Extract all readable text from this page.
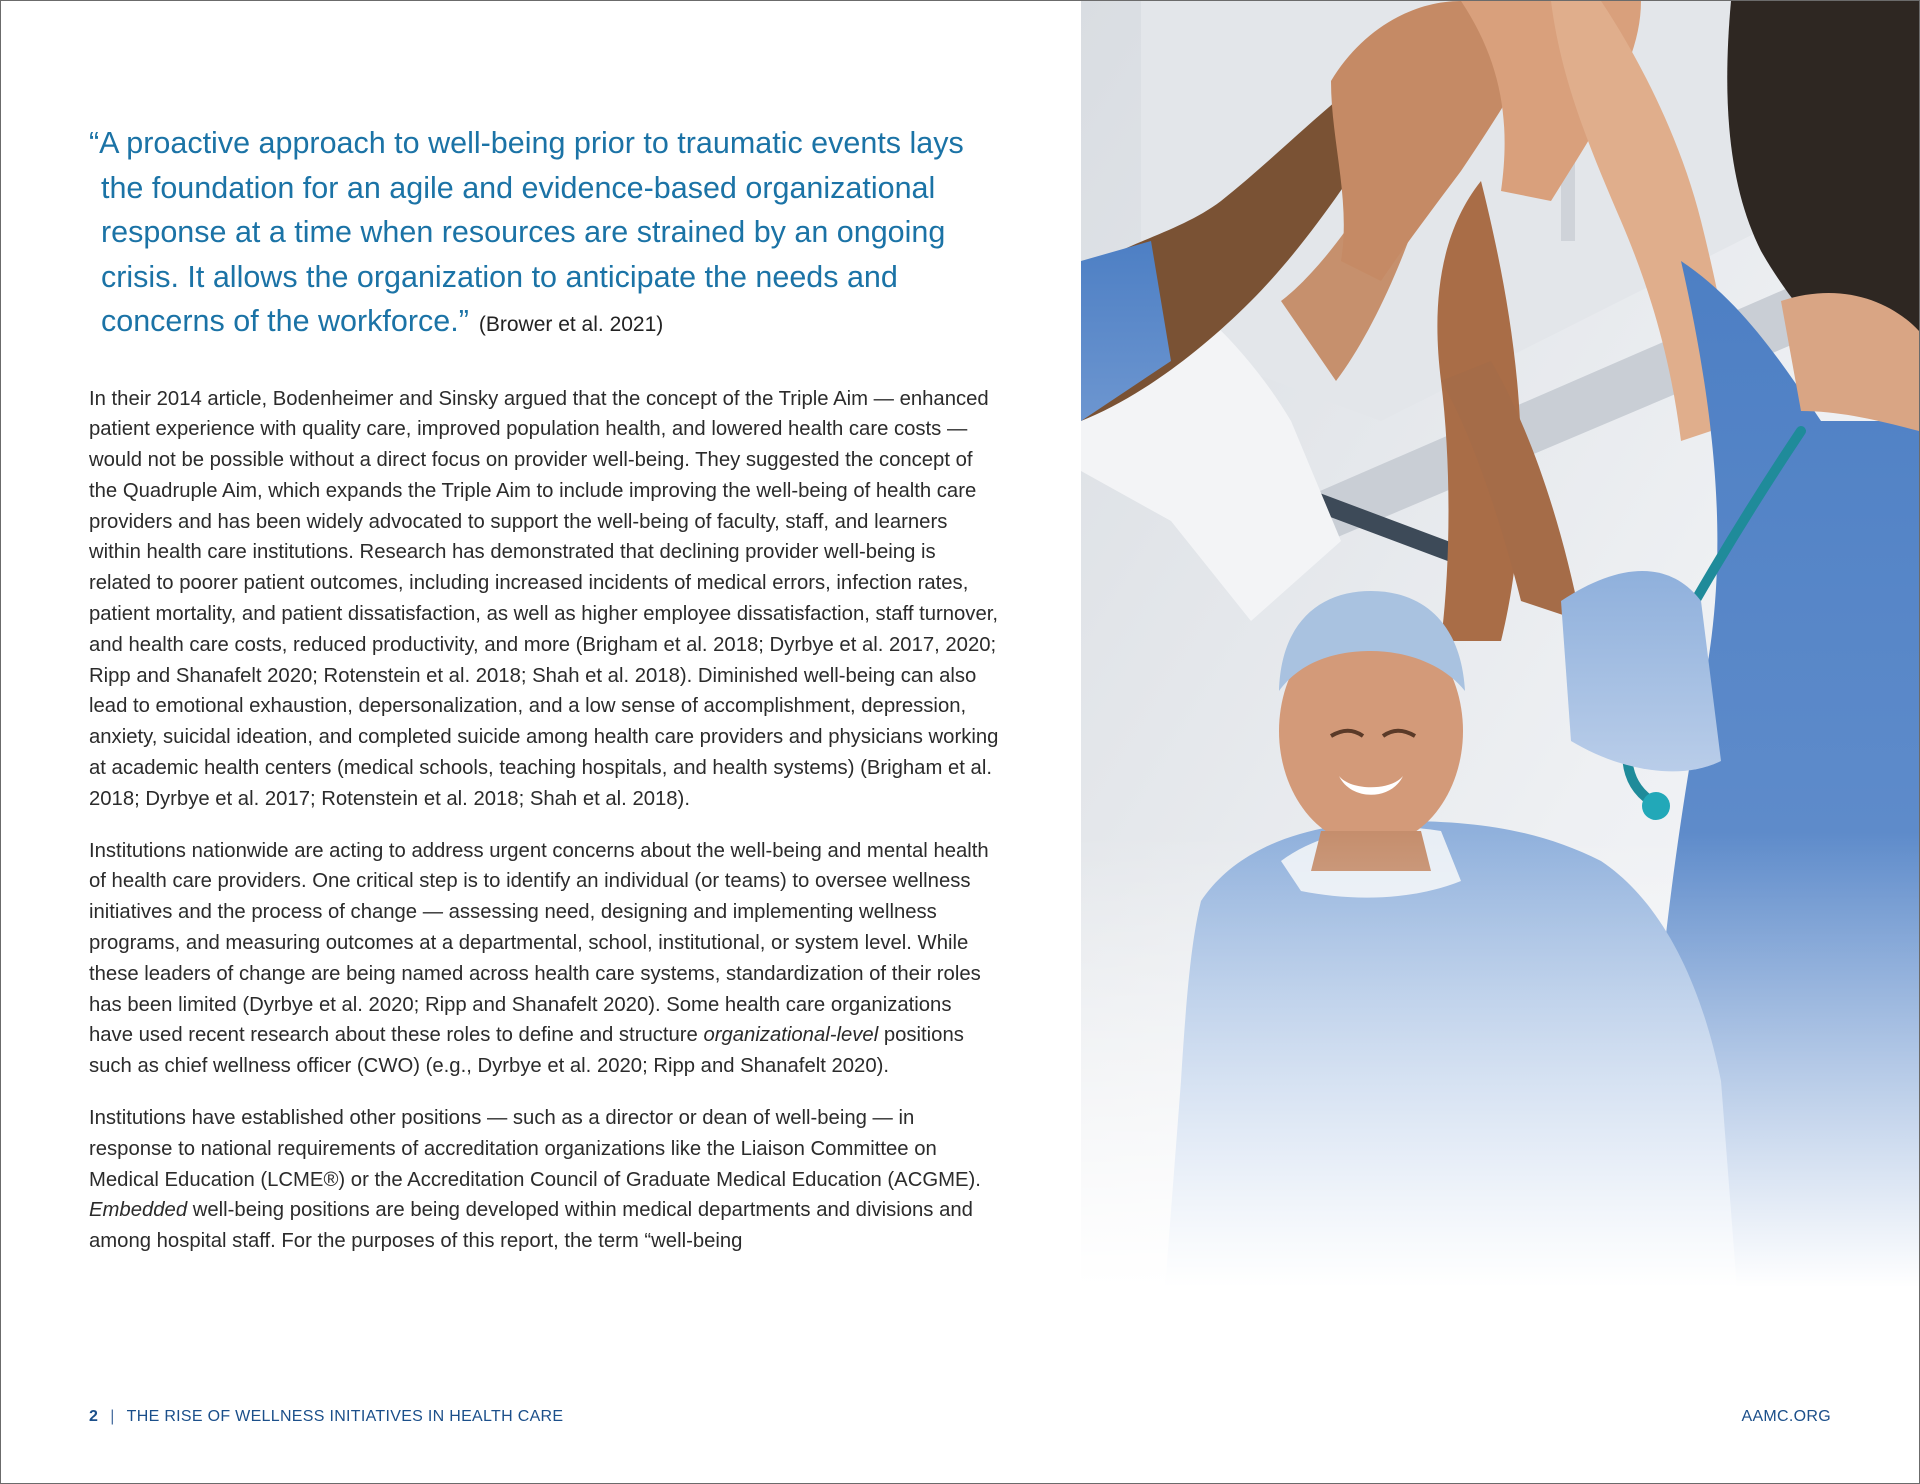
“A proactive approach to well-being prior to traumatic events lays the foundation for an agile and evidence-based organizational response at a time when resources are strained by an ongoing crisis. It allows the organization to anticipate the needs and concerns of the workforce.” (Brower et al. 2021)

In their 2014 article, Bodenheimer and Sinsky argued that the concept of the Triple Aim — enhanced patient experience with quality care, improved population health, and lowered health care costs — would not be possible without a direct focus on provider well-being. They suggested the concept of the Quadruple Aim, which expands the Triple Aim to include improving the well-being of health care providers and has been widely advocated to support the well-being of faculty, staff, and learners within health care institutions. Research has demonstrated that declining provider well-being is related to poorer patient outcomes, including increased incidents of medical errors, infection rates, patient mortality, and patient dissatisfaction, as well as higher employee dissatisfaction, staff turnover, and health care costs, reduced productivity, and more (Brigham et al. 2018; Dyrbye et al. 2017, 2020; Ripp and Shanafelt 2020; Rotenstein et al. 2018; Shah et al. 2018). Diminished well-being can also lead to emotional exhaustion, depersonalization, and a low sense of accomplishment, depression, anxiety, suicidal ideation, and completed suicide among health care providers and physicians working at academic health centers (medical schools, teaching hospitals, and health systems) (Brigham et al. 2018; Dyrbye et al. 2017; Rotenstein et al. 2018; Shah et al. 2018).

Institutions nationwide are acting to address urgent concerns about the well-being and mental health of health care providers. One critical step is to identify an individual (or teams) to oversee wellness initiatives and the process of change — assessing need, designing and implementing wellness programs, and measuring outcomes at a departmental, school, institutional, or system level. While these leaders of change are being named across health care systems, standardization of their roles has been limited (Dyrbye et al. 2020; Ripp and Shanafelt 2020). Some health care organizations have used recent research about these roles to define and structure organizational-level positions such as chief wellness officer (CWO) (e.g., Dyrbye et al. 2020; Ripp and Shanafelt 2020).

Institutions have established other positions — such as a director or dean of well-being — in response to national requirements of accreditation organizations like the Liaison Committee on Medical Education (LCME®) or the Accreditation Council of Graduate Medical Education (ACGME). Embedded well-being positions are being developed within medical departments and divisions and among hospital staff. For the purposes of this report, the term “well-being

2 | THE RISE OF WELLNESS INITIATIVES IN HEALTH CARE	AAMC.ORG
